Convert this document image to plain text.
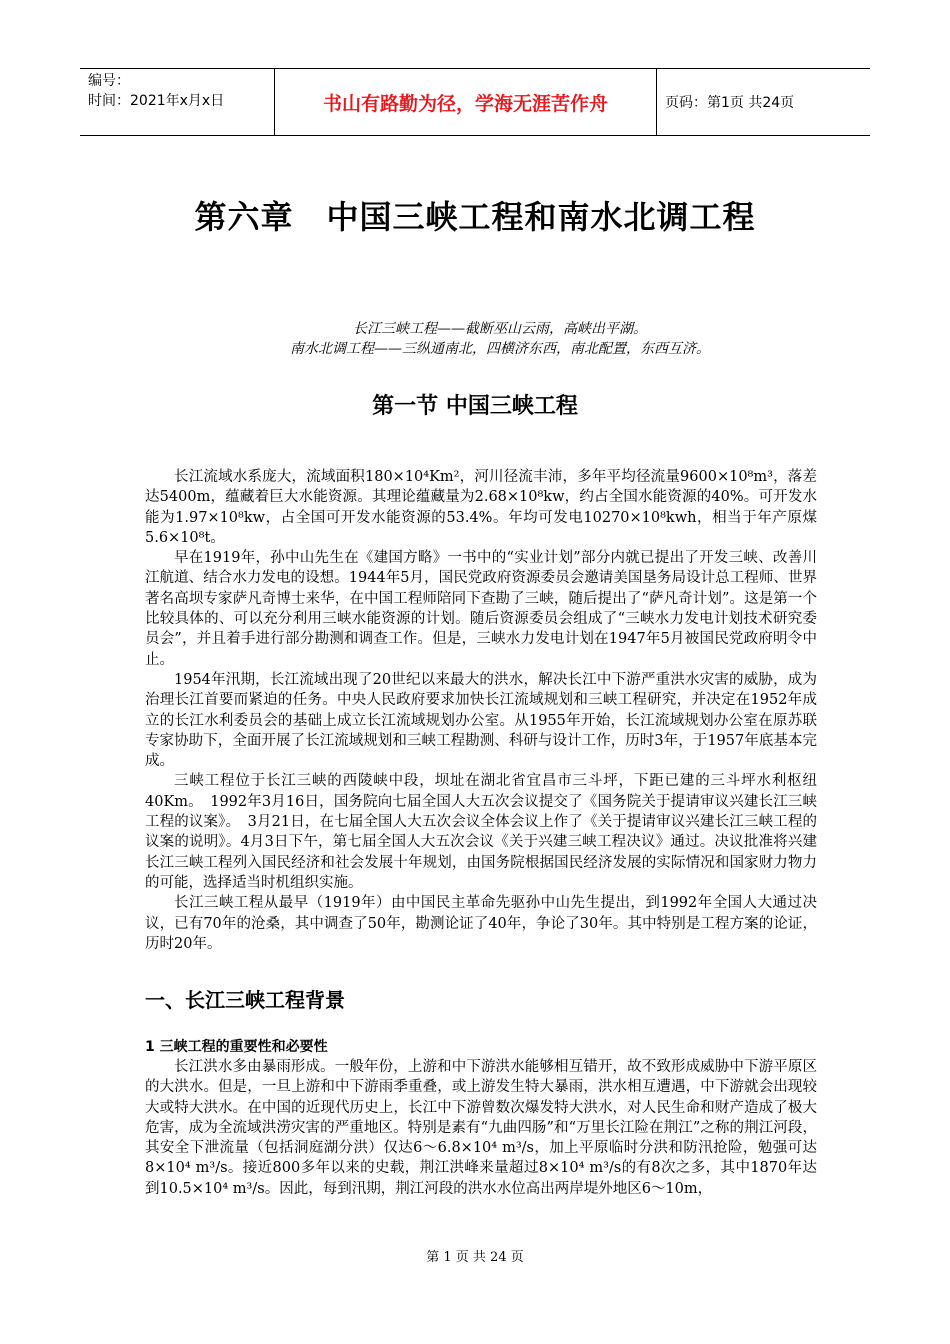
编号：
时间：2021年x月x日	书山有路勤为径，学海无涯苦作舟	页码：第1页 共24页
第六章　中国三峡工程和南水北调工程
长江三峡工程——截断巫山云雨，高峡出平湖。
南水北调工程——三纵通南北，四横济东西，南北配置，东西互济。
第一节 中国三峡工程

长江流域水系庞大，流域面积180×10⁴Km²，河川径流丰沛，多年平均径流量9600×10⁸m³，落差达5400m，蕴藏着巨大水能资源。其理论蕴藏量为2.68×10⁸kw，约占全国水能资源的40%。可开发水能为1.97×10⁸kw，占全国可开发水能资源的53.4%。年均可发电10270×10⁸kwh，相当于年产原煤5.6×10⁸t。

早在1919年，孙中山先生在《建国方略》一书中的“实业计划”部分内就已提出了开发三峡、改善川江航道、结合水力发电的设想。1944年5月，国民党政府资源委员会邀请美国垦务局设计总工程师、世界著名高坝专家萨凡奇博士来华，在中国工程师陪同下查勘了三峡，随后提出了“萨凡奇计划”。这是第一个比较具体的、可以充分利用三峡水能资源的计划。随后资源委员会组成了“三峡水力发电计划技术研究委员会”，并且着手进行部分勘测和调查工作。但是，三峡水力发电计划在1947年5月被国民党政府明令中止。

1954年汛期，长江流域出现了20世纪以来最大的洪水，解决长江中下游严重洪水灾害的威胁，成为治理长江首要而紧迫的任务。中央人民政府要求加快长江流域规划和三峡工程研究，并决定在1952年成立的长江水利委员会的基础上成立长江流域规划办公室。从1955年开始，长江流域规划办公室在原苏联专家协助下，全面开展了长江流域规划和三峡工程勘测、科研与设计工作，历时3年，于1957年底基本完成。

三峡工程位于长江三峡的西陵峡中段，坝址在湖北省宜昌市三斗坪，下距已建的三斗坪水利枢纽40Km。　1992年3月16日，国务院向七届全国人大五次会议提交了《国务院关于提请审议兴建长江三峡工程的议案》。　3月21日，在七届全国人大五次会议全体会议上作了《关于提请审议兴建长江三峡工程的议案的说明》。4月3日下午，第七届全国人大五次会议《关于兴建三峡工程决议》通过。决议批准将兴建长江三峡工程列入国民经济和社会发展十年规划，由国务院根据国民经济发展的实际情况和国家财力物力的可能，选择适当时机组织实施。

长江三峡工程从最早（1919年）由中国民主革命先驱孙中山先生提出，到1992年全国人大通过决议，已有70年的沧桑，其中调查了50年，勘测论证了40年，争论了30年。其中特别是工程方案的论证，历时20年。

一、长江三峡工程背景
1 三峡工程的重要性和必要性

长江洪水多由暴雨形成。一般年份，上游和中下游洪水能够相互错开，故不致形成威胁中下游平原区的大洪水。但是，一旦上游和中下游雨季重叠，或上游发生特大暴雨，洪水相互遭遇，中下游就会出现较大或特大洪水。在中国的近现代历史上，长江中下游曾数次爆发特大洪水，对人民生命和财产造成了极大危害，成为全流域洪涝灾害的严重地区。特别是素有“九曲四肠”和“万里长江险在荆江”之称的荆江河段，其安全下泄流量（包括洞庭湖分洪）仅达6～6.8×10⁴ m³/s，加上平原临时分洪和防汛抢险，勉强可达8×10⁴ m³/s。接近800多年以来的史载，荆江洪峰来量超过8×10⁴ m³/s的有8次之多，其中1870年达到10.5×10⁴ m³/s。因此，每到汛期，荆江河段的洪水水位高出两岸堤外地区6～10m，

第 1 页 共 24 页
